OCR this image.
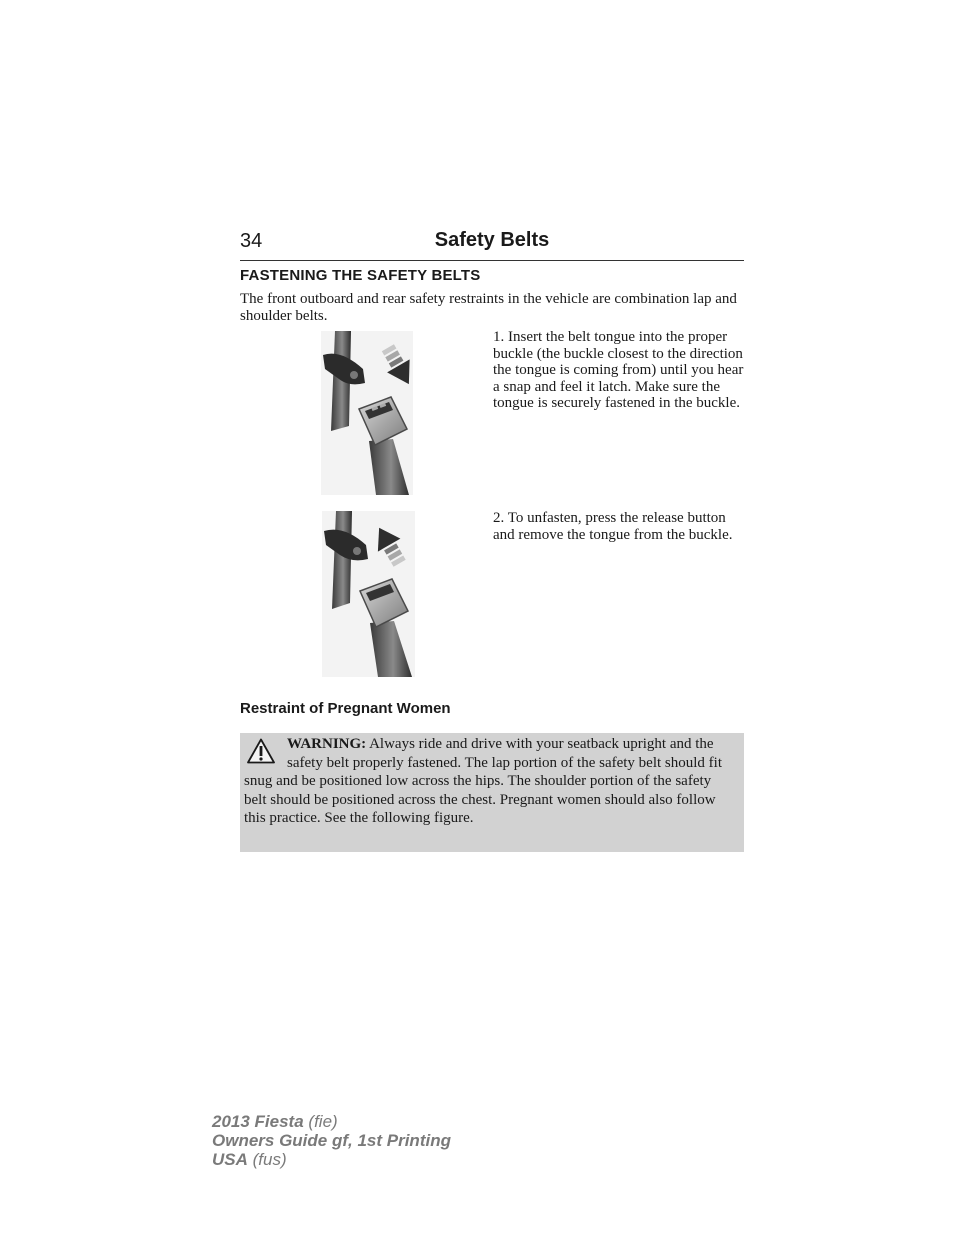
34	Safety Belts
FASTENING THE SAFETY BELTS
The front outboard and rear safety restraints in the vehicle are combination lap and shoulder belts.
1. Insert the belt tongue into the proper buckle (the buckle closest to the direction the tongue is coming from) until you hear a snap and feel it latch. Make sure the tongue is securely fastened in the buckle.
2. To unfasten, press the release button and remove the tongue from the buckle.
Restraint of Pregnant Women

WARNING: Always ride and drive with your seatback upright and the safety belt properly fastened. The lap portion of the safety belt should fit snug and be positioned low across the hips. The shoulder portion of the safety belt should be positioned across the chest. Pregnant women should also follow this practice. See the following figure.

2013 Fiesta (fie)
Owners Guide gf, 1st Printing
USA (fus)
